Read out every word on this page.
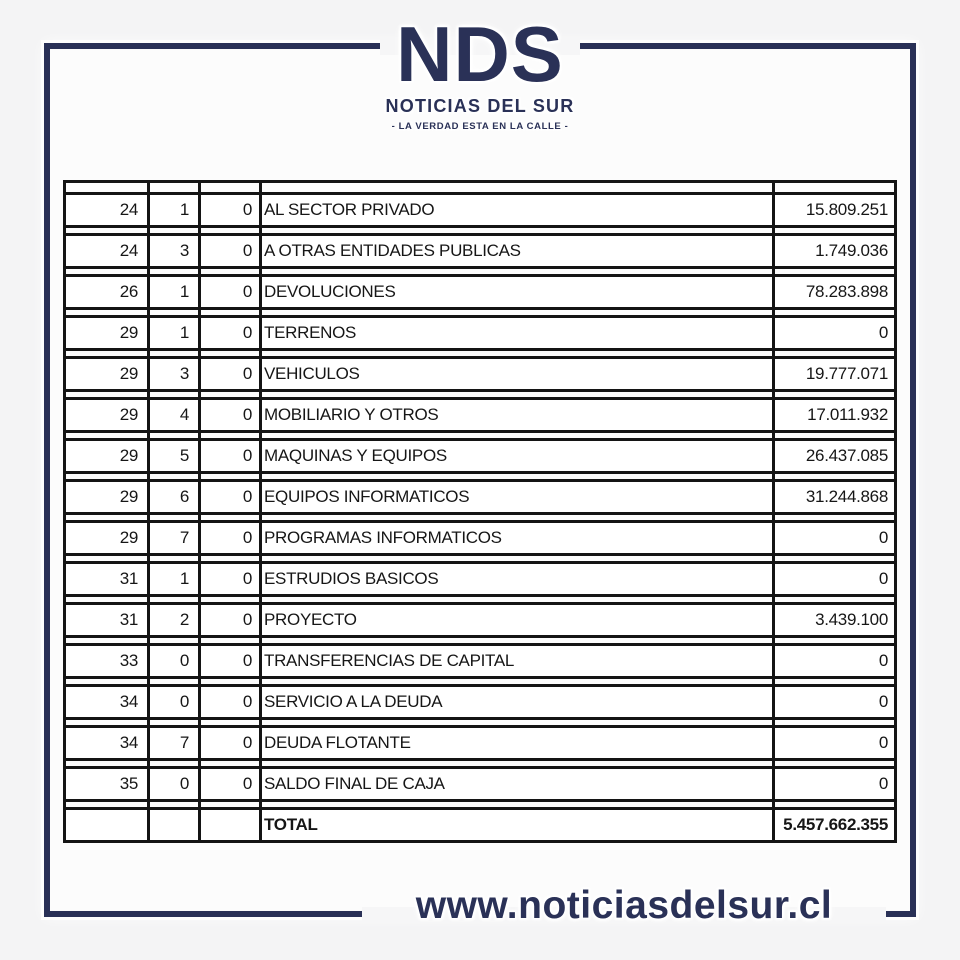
NDS
NOTICIAS DEL SUR
- LA VERDAD ESTA EN LA CALLE -
24	1	0 AL SECTOR PRIVADO	15.809.251
24	3	0 A OTRAS ENTIDADES PUBLICAS	1.749.036
26	1	0 DEVOLUCIONES	78.283.898
29	1	0 TERRENOS	0
29	3	0 VEHICULOS	19.777.071
29	4	0 MOBILIARIO Y OTROS	17.011.932
29	5	0 MAQUINAS Y EQUIPOS	26.437.085
29	6	0 EQUIPOS INFORMATICOS	31.244.868
29	7	0 PROGRAMAS INFORMATICOS	0
31	1	0 ESTRUDIOS BASICOS	0
31	2	0 PROYECTO	3.439.100
33	0	0 TRANSFERENCIAS DE CAPITAL	0
34	0	0 SERVICIO A LA DEUDA	0
34	7	0 DEUDA FLOTANTE	0
35	0	0 SALDO FINAL DE CAJA	0
TOTAL	5.457.662.355
www.noticiasdelsur.cl
